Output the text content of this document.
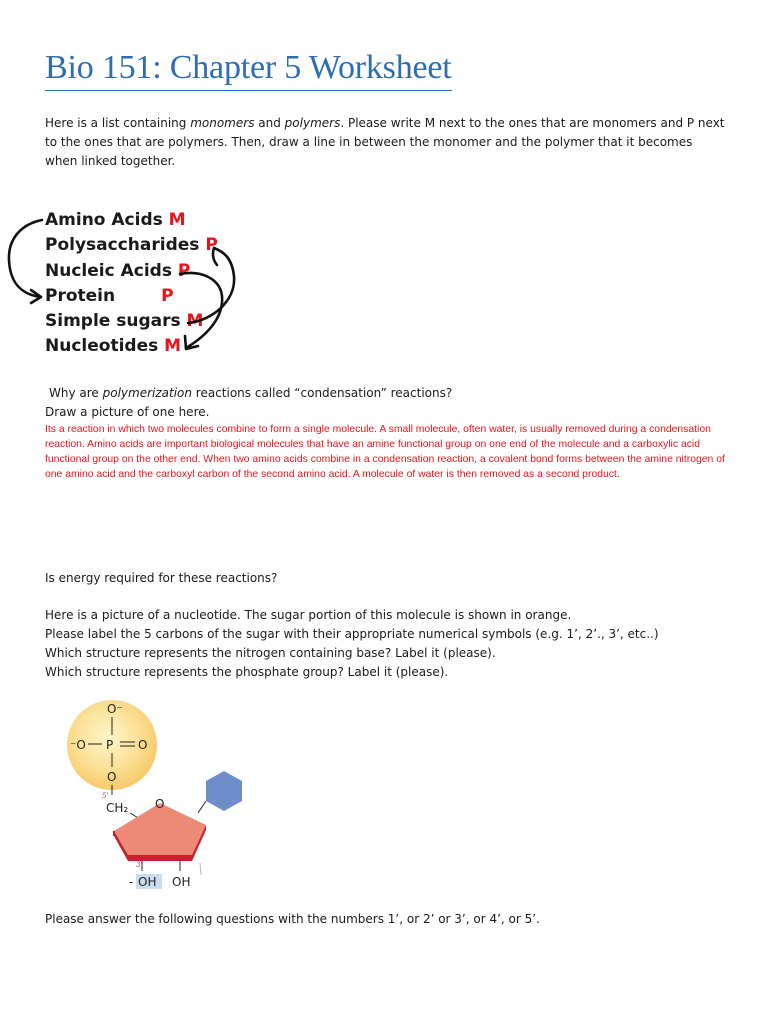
Bio 151: Chapter 5 Worksheet

Here is a list containing monomers and polymers. Please write M next to the ones that are monomers and P next to the ones that are polymers. Then, draw a line in between the monomer and the polymer that it becomes when linked together.

Amino Acids M
Polysaccharides P
Nucleic Acids P
Protein	P
Simple sugars M
Nucleotides M

Why are polymerization reactions called “condensation” reactions?

Draw a picture of one here.

Its a reaction in which two molecules combine to form a single molecule. A small molecule, often water, is usually removed during a condensation reaction. Amino acids are important biological molecules that have an amine functional group on one end of the molecule and a carboxylic acid functional group on the other end. When two amino acids combine in a condensation reaction, a covalent bond forms between the amine nitrogen of one amino acid and the carboxyl carbon of the second amino acid. A molecule of water is then removed as a second product.

Is energy required for these reactions?

Here is a picture of a nucleotide. The sugar portion of this molecule is shown in orange.
Please label the 5 carbons of the sugar with their appropriate numerical symbols (e.g. 1’, 2’., 3’, etc..)
Which structure represents the nitrogen containing base? Label it (please).
Which structure represents the phosphate group? Label it (please).
O⁻
⁻O P O
O
5'
CH₂ O
3'
- OH OH

Please answer the following questions with the numbers 1’, or 2’ or 3’, or 4’, or 5’.
